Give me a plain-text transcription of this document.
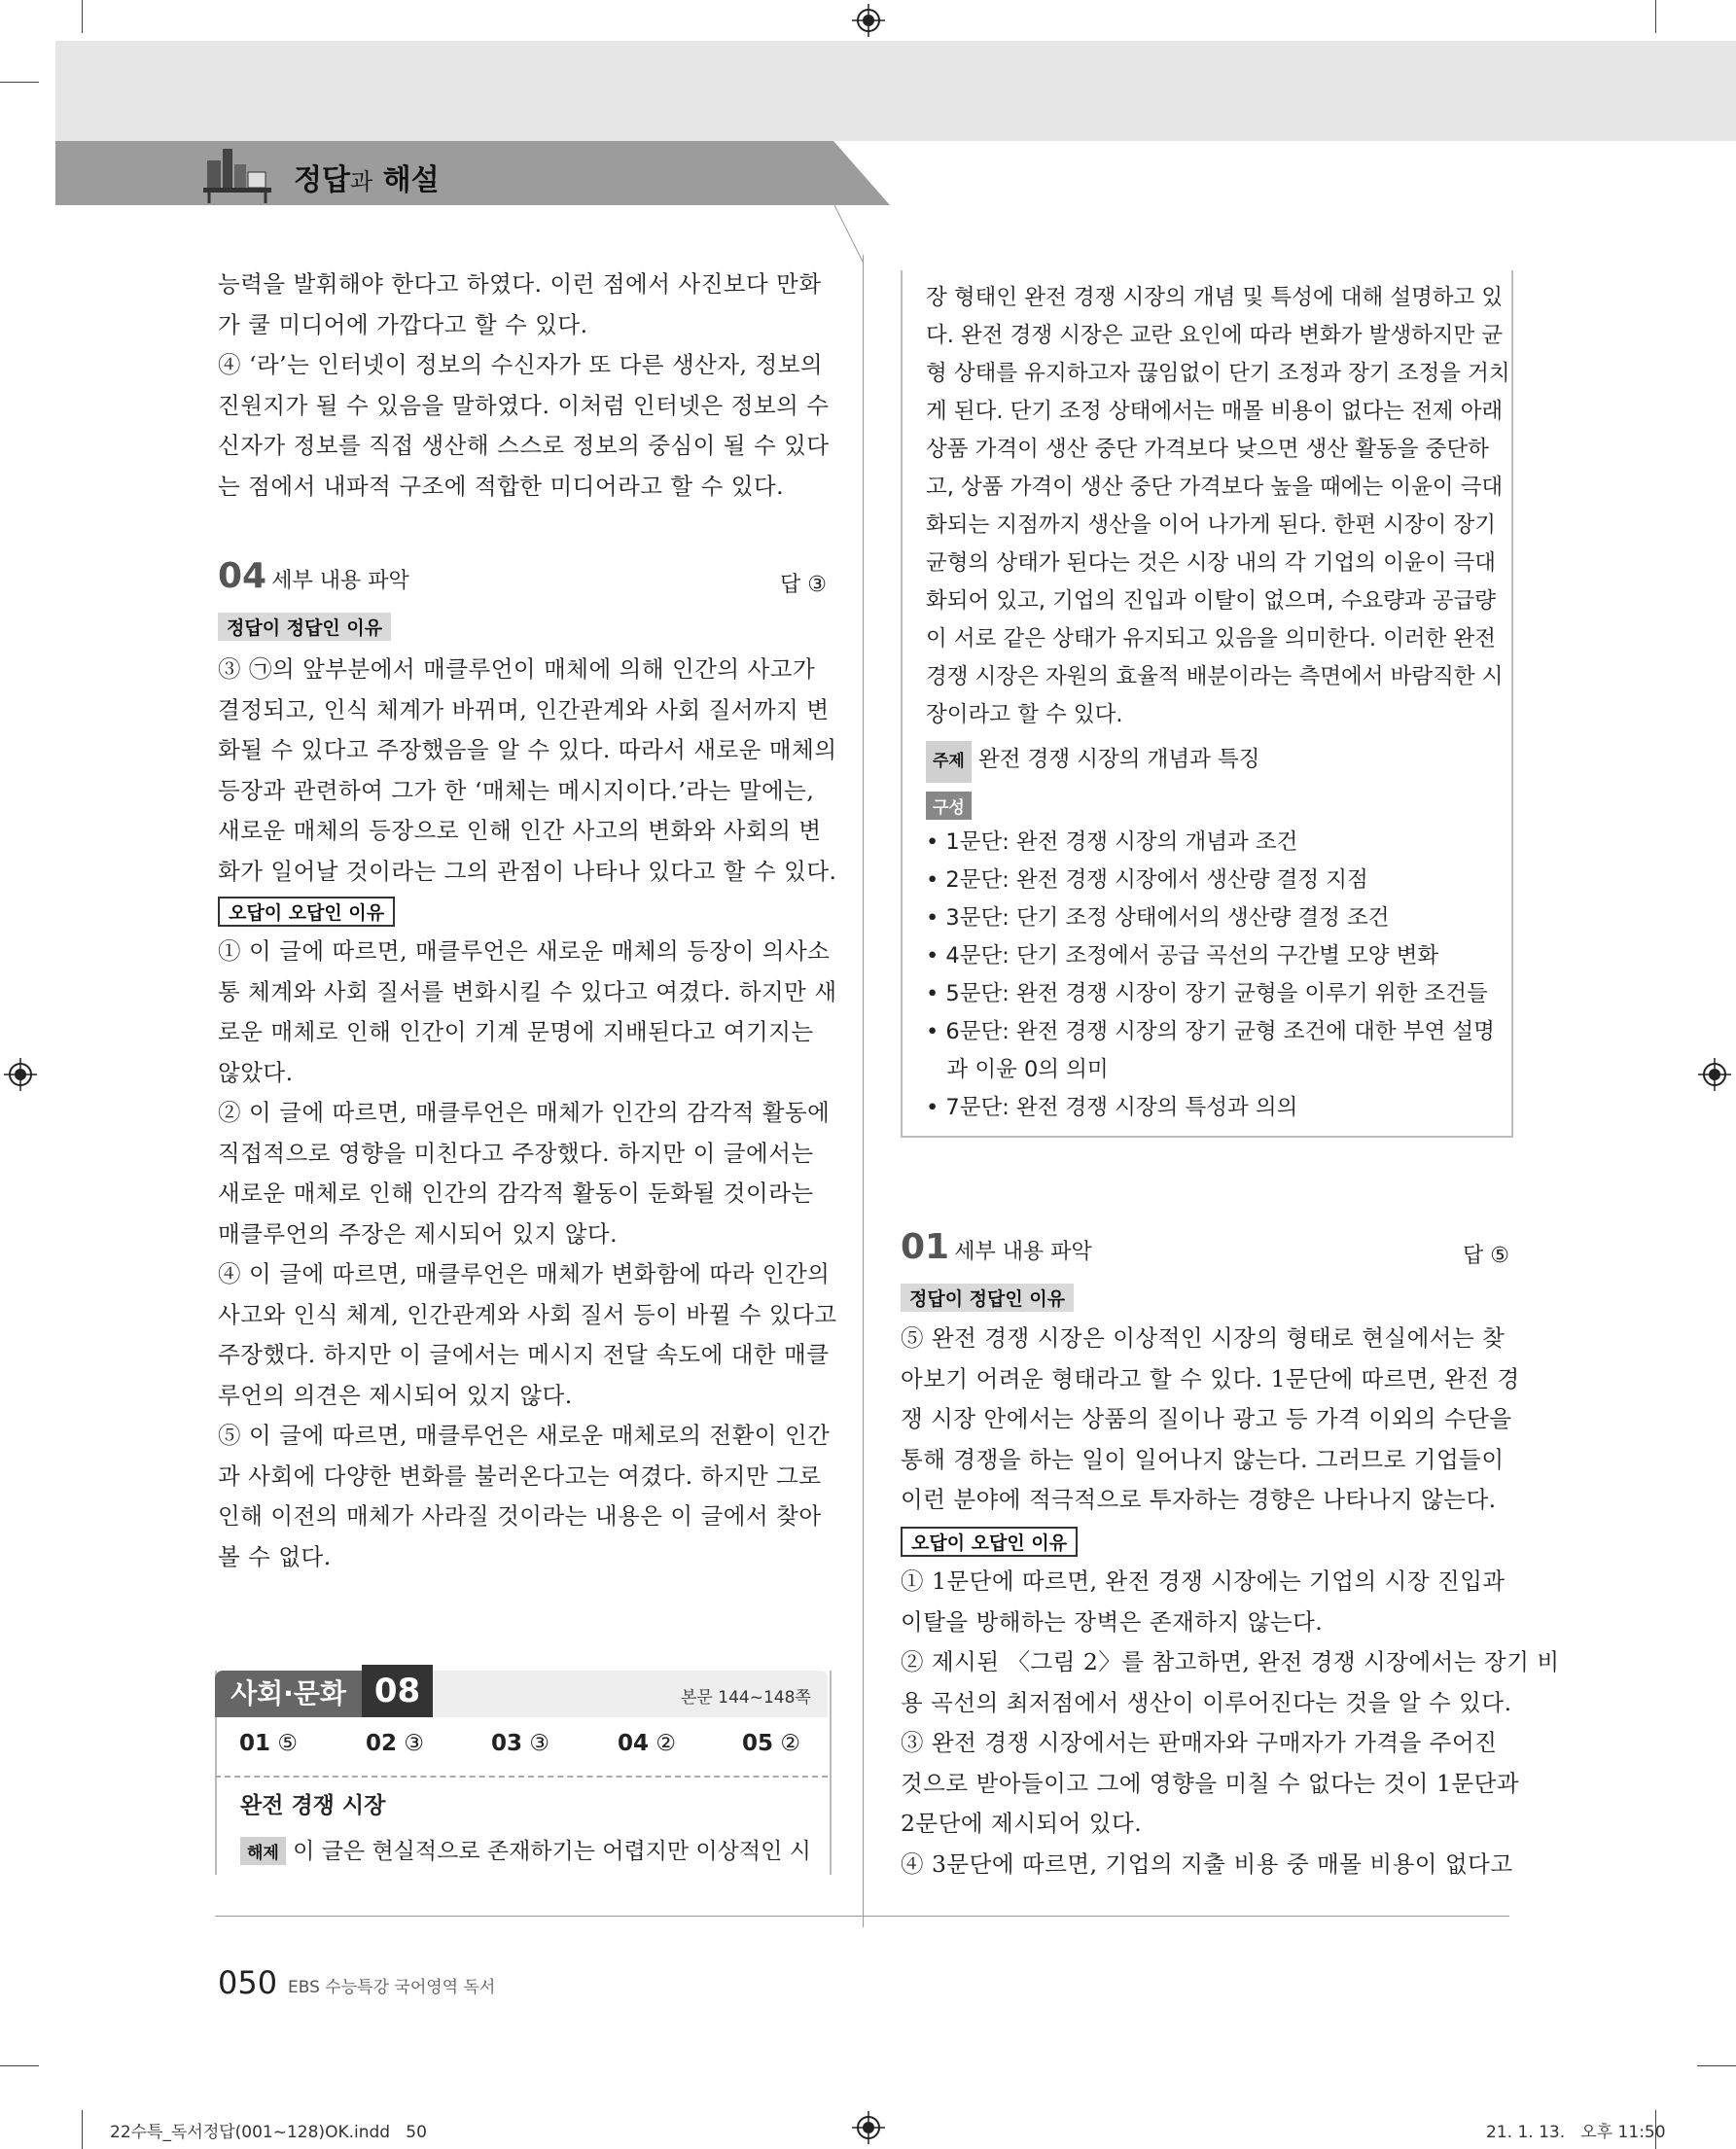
정답과 해설
능력을 발휘해야 한다고 하였다. 이런 점에서 사진보다 만화
가 쿨 미디어에 가깝다고 할 수 있다.
④ ‘라’는 인터넷이 정보의 수신자가 또 다른 생산자, 정보의
진원지가 될 수 있음을 말하였다. 이처럼 인터넷은 정보의 수
신자가 정보를 직접 생산해 스스로 정보의 중심이 될 수 있다
는 점에서 내파적 구조에 적합한 미디어라고 할 수 있다.
04 세부 내용 파악	답 ③
정답이 정답인 이유
③ ㉠의 앞부분에서 매클루언이 매체에 의해 인간의 사고가
결정되고, 인식 체계가 바뀌며, 인간관계와 사회 질서까지 변
화될 수 있다고 주장했음을 알 수 있다. 따라서 새로운 매체의
등장과 관련하여 그가 한 ‘매체는 메시지이다.’라는 말에는,
새로운 매체의 등장으로 인해 인간 사고의 변화와 사회의 변
화가 일어날 것이라는 그의 관점이 나타나 있다고 할 수 있다.
오답이 오답인 이유
① 이 글에 따르면, 매클루언은 새로운 매체의 등장이 의사소
통 체계와 사회 질서를 변화시킬 수 있다고 여겼다. 하지만 새
로운 매체로 인해 인간이 기계 문명에 지배된다고 여기지는
않았다.
② 이 글에 따르면, 매클루언은 매체가 인간의 감각적 활동에
직접적으로 영향을 미친다고 주장했다. 하지만 이 글에서는
새로운 매체로 인해 인간의 감각적 활동이 둔화될 것이라는
매클루언의 주장은 제시되어 있지 않다.
④ 이 글에 따르면, 매클루언은 매체가 변화함에 따라 인간의
사고와 인식 체계, 인간관계와 사회 질서 등이 바뀔 수 있다고
주장했다. 하지만 이 글에서는 메시지 전달 속도에 대한 매클
루언의 의견은 제시되어 있지 않다.
⑤ 이 글에 따르면, 매클루언은 새로운 매체로의 전환이 인간
과 사회에 다양한 변화를 불러온다고는 여겼다. 하지만 그로
인해 이전의 매체가 사라질 것이라는 내용은 이 글에서 찾아
볼 수 없다.
사회·문화 08	본문 144~148쪽
01 ⑤	02 ③	03 ③	04 ②	05 ②
완전 경쟁 시장
해제 이 글은 현실적으로 존재하기는 어렵지만 이상적인 시
장 형태인 완전 경쟁 시장의 개념 및 특성에 대해 설명하고 있
다. 완전 경쟁 시장은 교란 요인에 따라 변화가 발생하지만 균
형 상태를 유지하고자 끊임없이 단기 조정과 장기 조정을 거치
게 된다. 단기 조정 상태에서는 매몰 비용이 없다는 전제 아래
상품 가격이 생산 중단 가격보다 낮으면 생산 활동을 중단하
고, 상품 가격이 생산 중단 가격보다 높을 때에는 이윤이 극대
화되는 지점까지 생산을 이어 나가게 된다. 한편 시장이 장기
균형의 상태가 된다는 것은 시장 내의 각 기업의 이윤이 극대
화되어 있고, 기업의 진입과 이탈이 없으며, 수요량과 공급량
이 서로 같은 상태가 유지되고 있음을 의미한다. 이러한 완전
경쟁 시장은 자원의 효율적 배분이라는 측면에서 바람직한 시
장이라고 할 수 있다.
주제 완전 경쟁 시장의 개념과 특징
구성
• 1문단: 완전 경쟁 시장의 개념과 조건
• 2문단: 완전 경쟁 시장에서 생산량 결정 지점
• 3문단: 단기 조정 상태에서의 생산량 결정 조건
• 4문단: 단기 조정에서 공급 곡선의 구간별 모양 변화
• 5문단: 완전 경쟁 시장이 장기 균형을 이루기 위한 조건들
• 6문단: 완전 경쟁 시장의 장기 균형 조건에 대한 부연 설명
과 이윤 0의 의미
• 7문단: 완전 경쟁 시장의 특성과 의의
01 세부 내용 파악	답 ⑤
정답이 정답인 이유
⑤ 완전 경쟁 시장은 이상적인 시장의 형태로 현실에서는 찾
아보기 어려운 형태라고 할 수 있다. 1문단에 따르면, 완전 경
쟁 시장 안에서는 상품의 질이나 광고 등 가격 이외의 수단을
통해 경쟁을 하는 일이 일어나지 않는다. 그러므로 기업들이
이런 분야에 적극적으로 투자하는 경향은 나타나지 않는다.
오답이 오답인 이유
① 1문단에 따르면, 완전 경쟁 시장에는 기업의 시장 진입과
이탈을 방해하는 장벽은 존재하지 않는다.
② 제시된 〈그림 2〉를 참고하면, 완전 경쟁 시장에서는 장기 비
용 곡선의 최저점에서 생산이 이루어진다는 것을 알 수 있다.
③ 완전 경쟁 시장에서는 판매자와 구매자가 가격을 주어진
것으로 받아들이고 그에 영향을 미칠 수 없다는 것이 1문단과
2문단에 제시되어 있다.
④ 3문단에 따르면, 기업의 지출 비용 중 매몰 비용이 없다고
050 EBS 수능특강 국어영역 독서
22수특_독서정답(001~128)OK.indd   50	21. 1. 13.   오후 11:50
